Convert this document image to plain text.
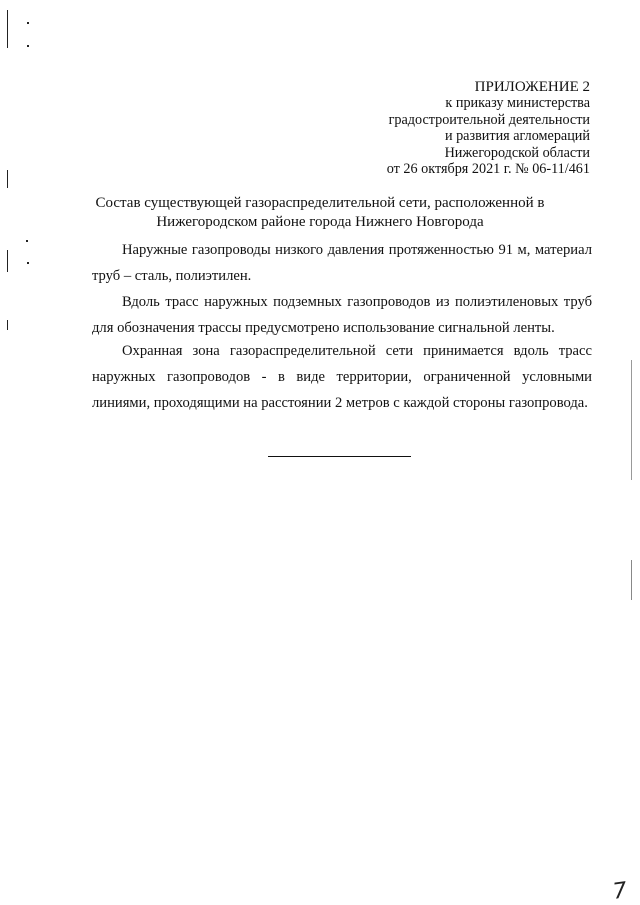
ПРИЛОЖЕНИЕ 2
к приказу министерства
градостроительной деятельности
и развития агломераций
Нижегородской области
от 26 октября 2021 г. № 06-11/461
Состав существующей газораспределительной сети, расположенной в
Нижегородском районе города Нижнего Новгорода

Наружные газопроводы низкого давления протяженностью 91 м, материал труб – сталь, полиэтилен.

Вдоль трасс наружных подземных газопроводов из полиэтиленовых труб для обозначения трассы предусмотрено использование сигнальной ленты.

Охранная зона газораспределительной сети принимается вдоль трасс наружных газопроводов - в виде территории, ограниченной условными линиями, проходящими на расстоянии 2 метров с каждой стороны газопровода.

7
